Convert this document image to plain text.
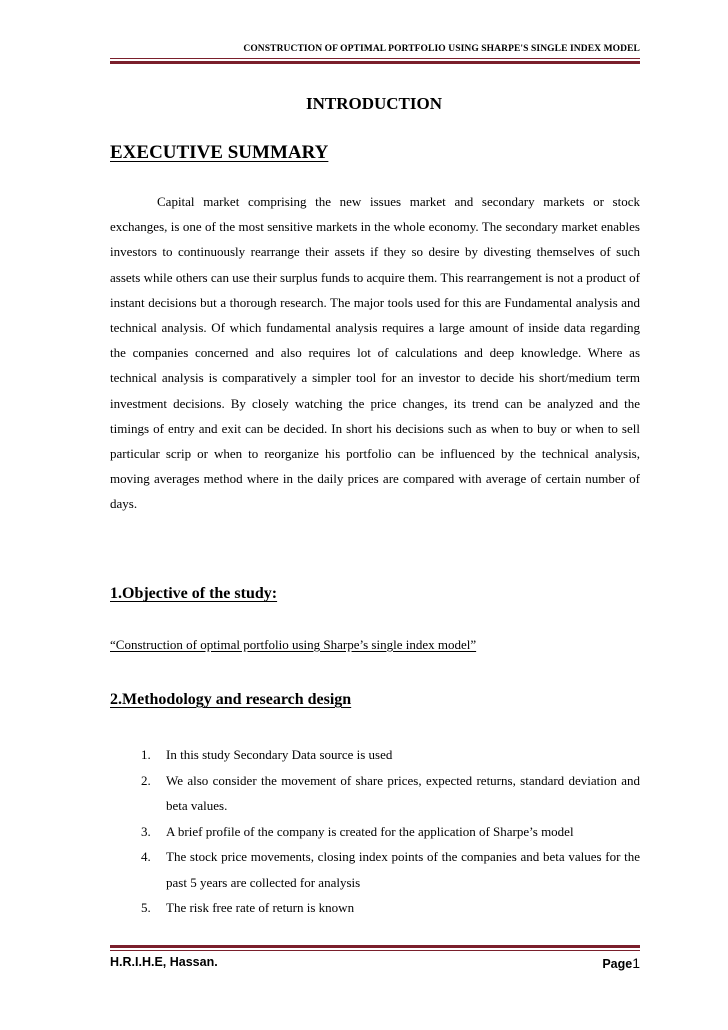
CONSTRUCTION OF OPTIMAL PORTFOLIO USING SHARPE'S SINGLE INDEX MODEL
INTRODUCTION
EXECUTIVE SUMMARY

Capital market comprising the new issues market and secondary markets or stock exchanges, is one of the most sensitive markets in the whole economy. The secondary market enables investors to continuously rearrange their assets if they so desire by divesting themselves of such assets while others can use their surplus funds to acquire them. This rearrangement is not a product of instant decisions but a thorough research. The major tools used for this are Fundamental analysis and technical analysis. Of which fundamental analysis requires a large amount of inside data regarding the companies concerned and also requires lot of calculations and deep knowledge. Where as technical analysis is comparatively a simpler tool for an investor to decide his short/medium term investment decisions. By closely watching the price changes, its trend can be analyzed and the timings of entry and exit can be decided. In short his decisions such as when to buy or when to sell particular scrip or when to reorganize his portfolio can be influenced by the technical analysis, moving averages method where in the daily prices are compared with average of certain number of days.

1.Objective of the study:
“Construction of optimal portfolio using Sharpe’s single index model”
2.Methodology and research design
1. In this study Secondary Data source is used
2. We also consider the movement of share prices, expected returns, standard deviation and beta values.
3. A brief profile of the company is created for the application of Sharpe’s model
4. The stock price movements, closing index points of the companies and beta values for the past 5 years are collected for analysis
5. The risk free rate of return is known
H.R.I.H.E, Hassan.	Page1
